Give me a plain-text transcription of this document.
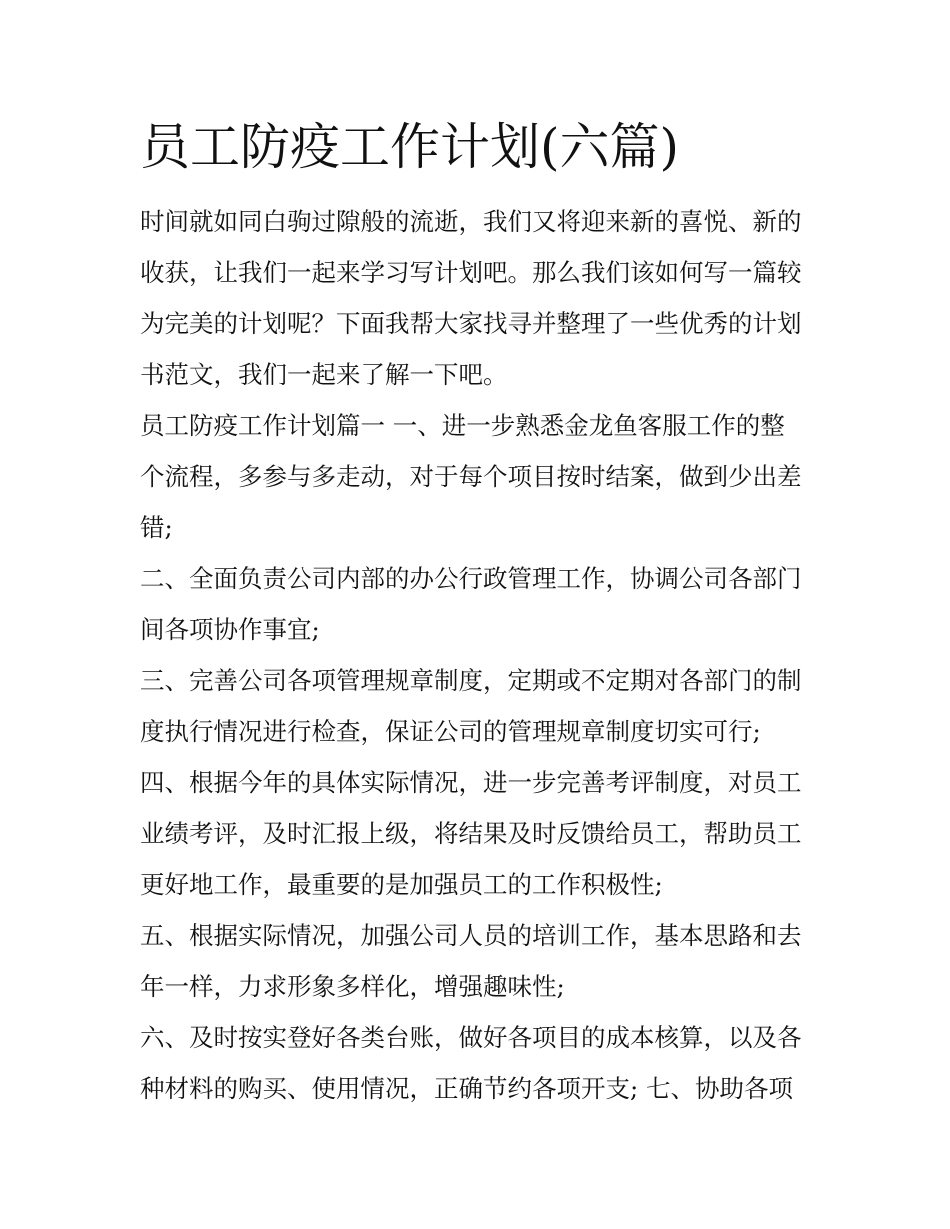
员工防疫工作计划(六篇)
时间就如同白驹过隙般的流逝，我们又将迎来新的喜悦、新的
收获，让我们一起来学习写计划吧。那么我们该如何写一篇较
为完美的计划呢？下面我帮大家找寻并整理了一些优秀的计划
书范文，我们一起来了解一下吧。
员工防疫工作计划篇一 一、进一步熟悉金龙鱼客服工作的整
个流程，多参与多走动，对于每个项目按时结案，做到少出差
错;
二、全面负责公司内部的办公行政管理工作，协调公司各部门
间各项协作事宜;
三、完善公司各项管理规章制度，定期或不定期对各部门的制
度执行情况进行检查，保证公司的管理规章制度切实可行;
四、根据今年的具体实际情况，进一步完善考评制度，对员工
业绩考评，及时汇报上级，将结果及时反馈给员工，帮助员工
更好地工作，最重要的是加强员工的工作积极性;
五、根据实际情况，加强公司人员的培训工作，基本思路和去
年一样，力求形象多样化，增强趣味性;
六、及时按实登好各类台账，做好各项目的成本核算，以及各
种材料的购买、使用情况，正确节约各项开支; 七、协助各项
